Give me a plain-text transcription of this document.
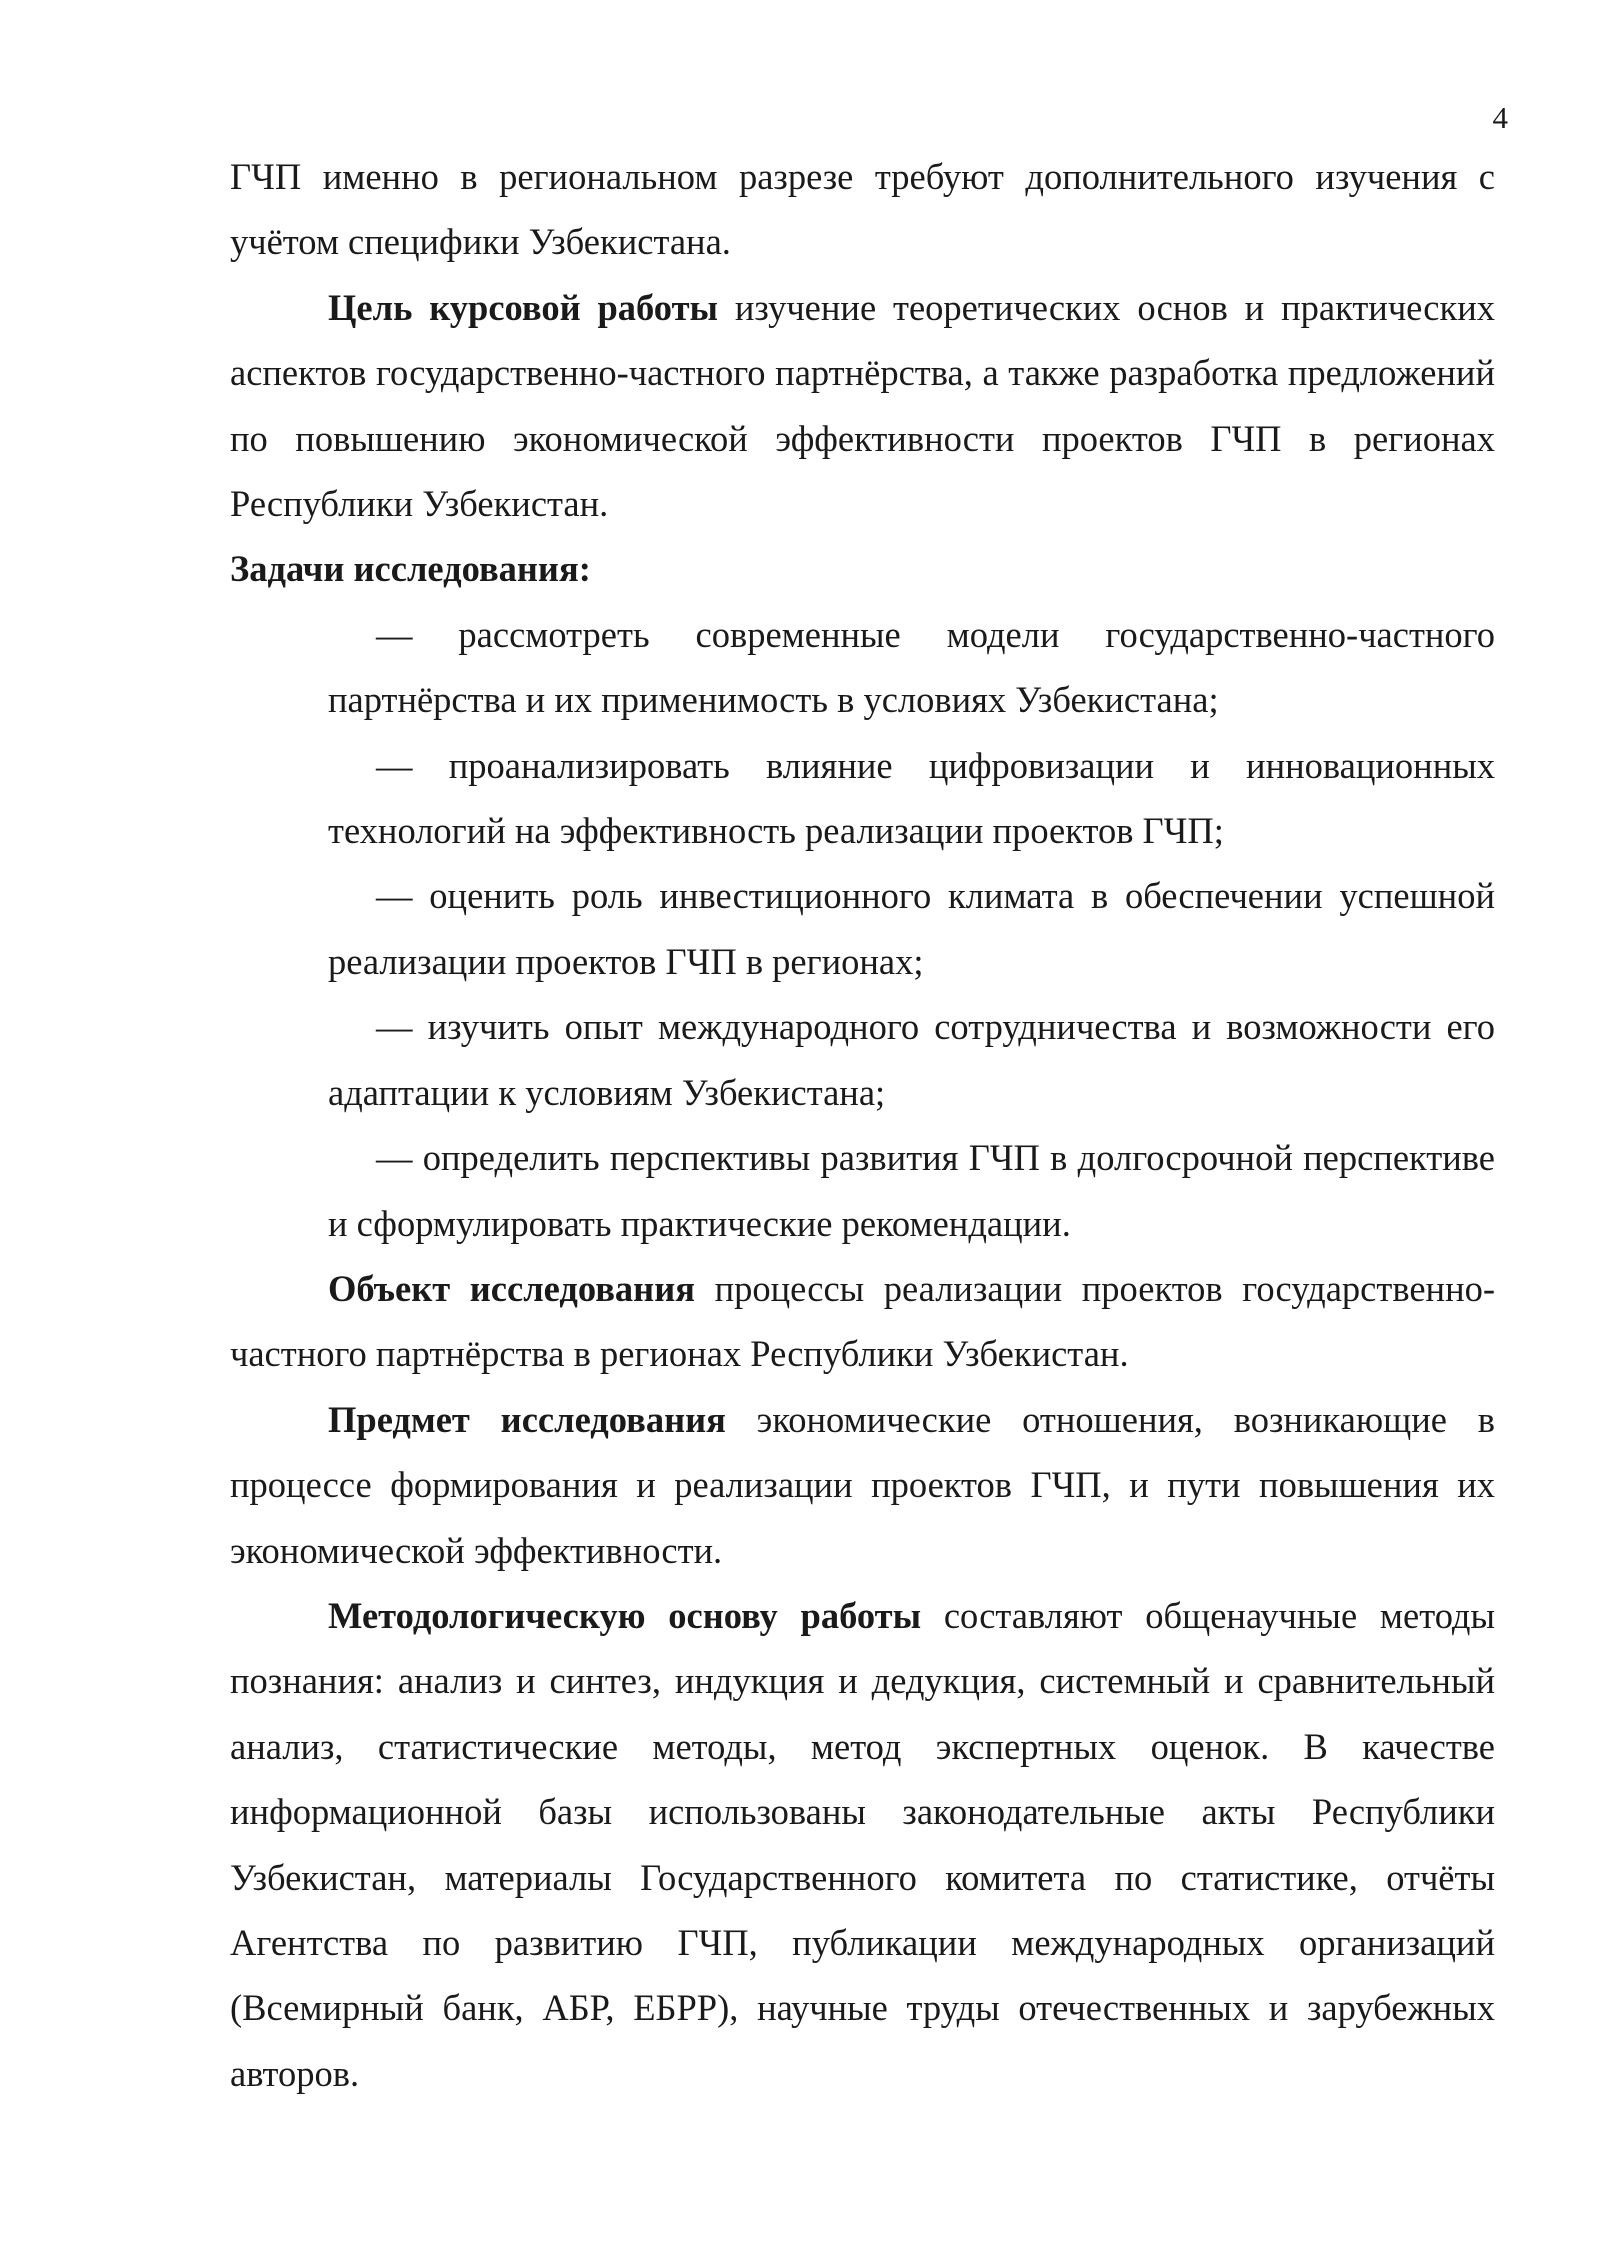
4

ГЧП именно в региональном разрезе требуют дополнительного изучения с учётом специфики Узбекистана.

Цель курсовой работы изучение теоретических основ и практических аспектов государственно-частного партнёрства, а также разработка предложений по повышению экономической эффективности проектов ГЧП в регионах Республики Узбекистан.

Задачи исследования:

— рассмотреть современные модели государственно-частного партнёрства и их применимость в условиях Узбекистана;

— проанализировать влияние цифровизации и инновационных технологий на эффективность реализации проектов ГЧП;

— оценить роль инвестиционного климата в обеспечении успешной реализации проектов ГЧП в регионах;

— изучить опыт международного сотрудничества и возможности его адаптации к условиям Узбекистана;

— определить перспективы развития ГЧП в долгосрочной перспективе и сформулировать практические рекомендации.

Объект исследования процессы реализации проектов государственно-частного партнёрства в регионах Республики Узбекистан.

Предмет исследования экономические отношения, возникающие в процессе формирования и реализации проектов ГЧП, и пути повышения их экономической эффективности.

Методологическую основу работы составляют общенаучные методы познания: анализ и синтез, индукция и дедукция, системный и сравнительный анализ, статистические методы, метод экспертных оценок. В качестве информационной базы использованы законодательные акты Республики Узбекистан, материалы Государственного комитета по статистике, отчёты Агентства по развитию ГЧП, публикации международных организаций (Всемирный банк, АБР, ЕБРР), научные труды отечественных и зарубежных авторов.
